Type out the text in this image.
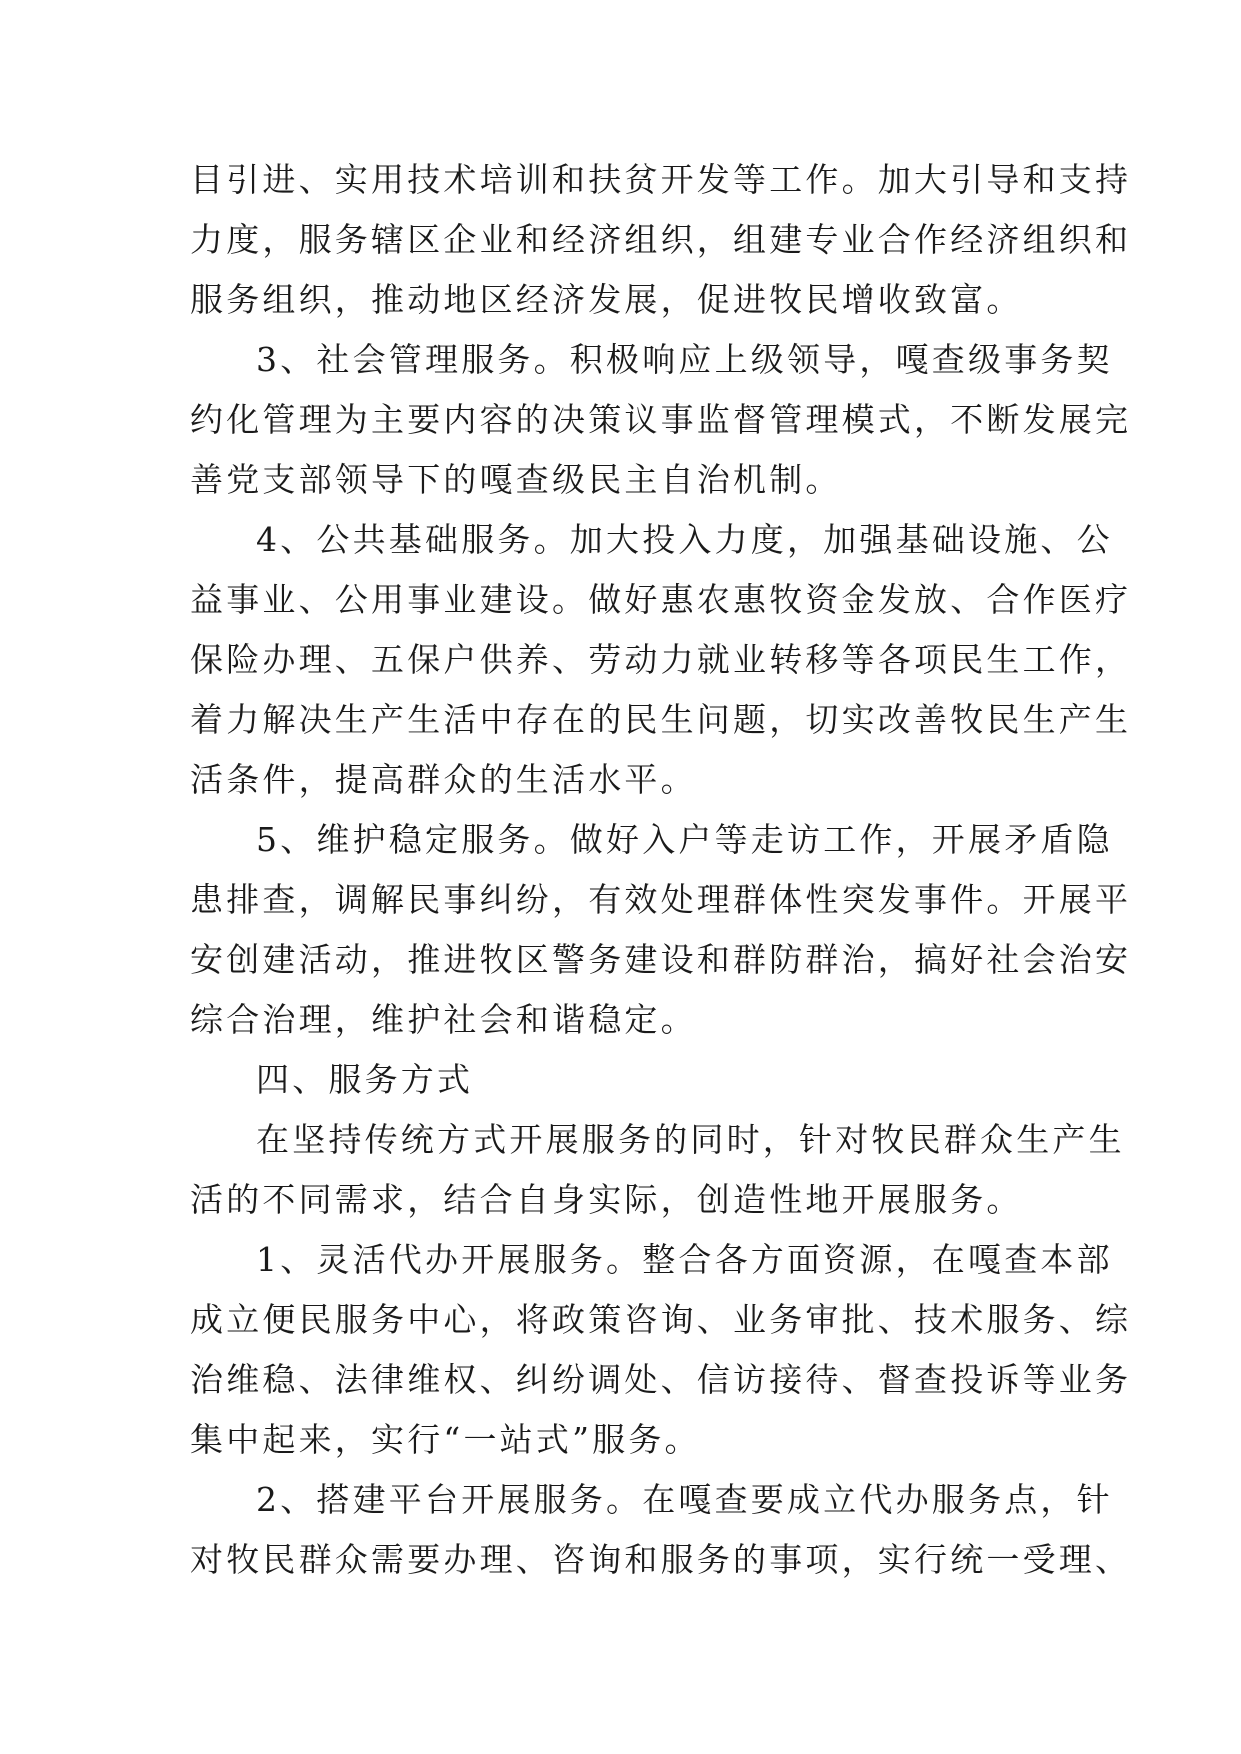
目引进、实用技术培训和扶贫开发等工作。加大引导和支持
力度，服务辖区企业和经济组织，组建专业合作经济组织和
服务组织，推动地区经济发展，促进牧民增收致富。
3、社会管理服务。积极响应上级领导，嘎查级事务契
约化管理为主要内容的决策议事监督管理模式，不断发展完
善党支部领导下的嘎查级民主自治机制。
4、公共基础服务。加大投入力度，加强基础设施、公
益事业、公用事业建设。做好惠农惠牧资金发放、合作医疗
保险办理、五保户供养、劳动力就业转移等各项民生工作，
着力解决生产生活中存在的民生问题，切实改善牧民生产生
活条件，提高群众的生活水平。
5、维护稳定服务。做好入户等走访工作，开展矛盾隐
患排查，调解民事纠纷，有效处理群体性突发事件。开展平
安创建活动，推进牧区警务建设和群防群治，搞好社会治安
综合治理，维护社会和谐稳定。
四、服务方式
在坚持传统方式开展服务的同时，针对牧民群众生产生
活的不同需求，结合自身实际，创造性地开展服务。
1、灵活代办开展服务。整合各方面资源，在嘎查本部
成立便民服务中心，将政策咨询、业务审批、技术服务、综
治维稳、法律维权、纠纷调处、信访接待、督查投诉等业务
集中起来，实行“一站式”服务。
2、搭建平台开展服务。在嘎查要成立代办服务点，针
对牧民群众需要办理、咨询和服务的事项，实行统一受理、
